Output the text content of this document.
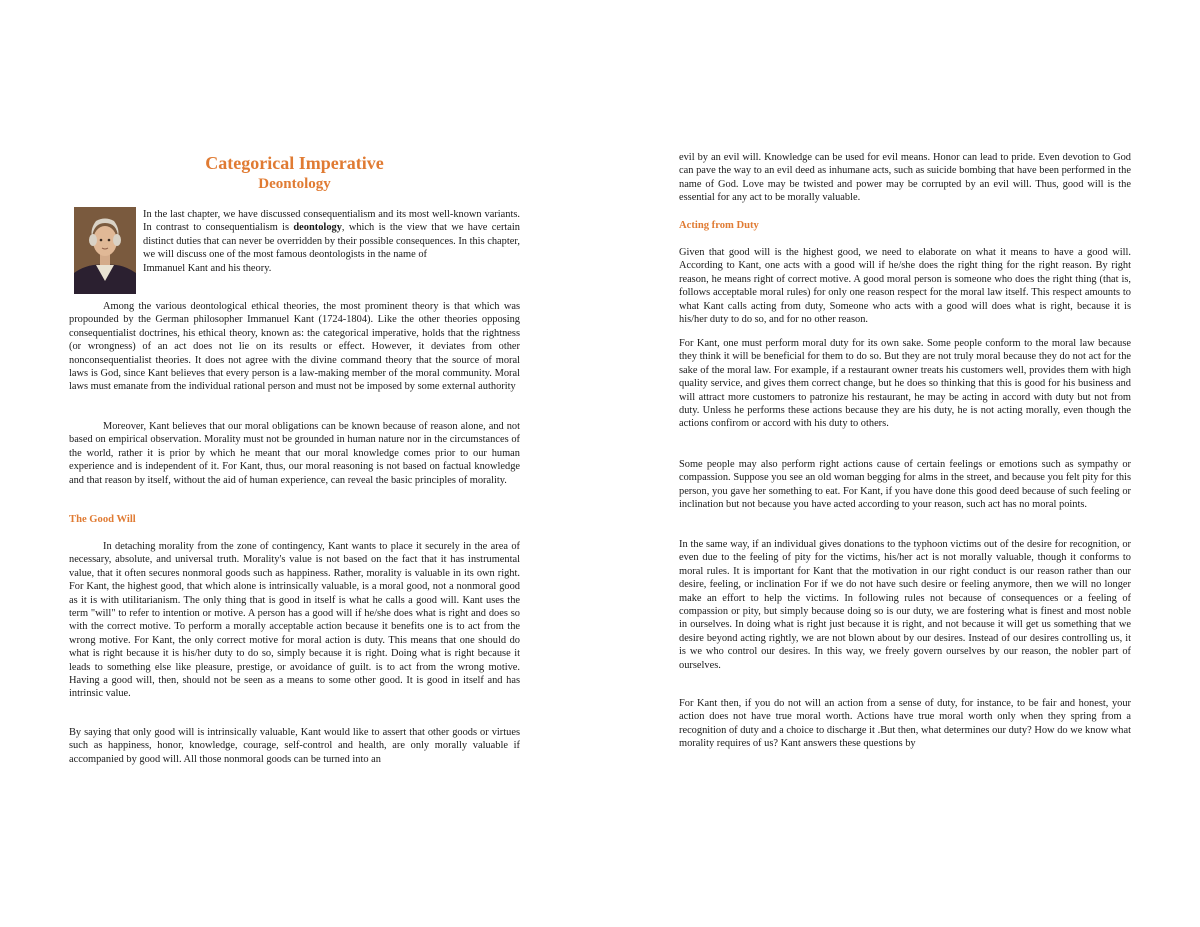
Categorical Imperative
Deontology

In the last chapter, we have discussed consequentialism and its most well-known variants. In contrast to consequentialism is deontology, which is the view that we have certain distinct duties that can never be overridden by their possible consequences. In this chapter, we will discuss one of the most famous deontologists in the name of
Immanuel Kant and his theory.

Among the various deontological ethical theories, the most prominent theory is that which was propounded by the German philosopher Immanuel Kant (1724-1804). Like the other theories opposing consequentialist doctrines, his ethical theory, known as: the categorical imperative, holds that the rightness (or wrongness) of an act does not lie on its results or effect. However, it deviates from other nonconsequentialist theories. It does not agree with the divine command theory that the source of moral laws is God, since Kant believes that every person is a law-making member of the moral community. Moral laws must emanate from the individual rational person and must not be imposed by some external authority

Moreover, Kant believes that our moral obligations can be known because of reason alone, and not based on empirical observation. Morality must not be grounded in human nature nor in the circumstances of the world, rather it is prior by which he meant that our moral knowledge comes prior to our human experience and is independent of it. For Kant, thus, our moral reasoning is not based on factual knowledge and that reason by itself, without the aid of human experience, can reveal the basic principles of morality.

The Good Will

In detaching morality from the zone of contingency, Kant wants to place it securely in the area of necessary, absolute, and universal truth. Morality's value is not based on the fact that it has instrumental value, that it often secures nonmoral goods such as happiness. Rather, morality is valuable in its own right. For Kant, the highest good, that which alone is intrinsically valuable, is a moral good, not a nonmoral good as it is with utilitarianism. The only thing that is good in itself is what he calls a good will. Kant uses the term "will" to refer to intention or motive. A person has a good will if he/she does what is right and does so with the correct motive. To perform a morally acceptable action because it benefits one is to act from the wrong motive. For Kant, the only correct motive for moral action is duty. This means that one should do what is right because it is his/her duty to do so, simply because it is right. Doing what is right because it leads to something else like pleasure, prestige, or avoidance of guilt. is to act from the wrong motive. Having a good will, then, should not be seen as a means to some other good. It is good in itself and has intrinsic value.

By saying that only good will is intrinsically valuable, Kant would like to assert that other goods or virtues such as happiness, honor, knowledge, courage, self-control and health, are only morally valuable if accompanied by good will. All those nonmoral goods can be turned into an

evil by an evil will. Knowledge can be used for evil means. Honor can lead to pride. Even devotion to God can pave the way to an evil deed as inhumane acts, such as suicide bombing that have been performed in the name of God. Love may be twisted and power may be corrupted by an evil will. Thus, good will is the essential for any act to be morally valuable.

Acting from Duty

Given that good will is the highest good, we need to elaborate on what it means to have a good will. According to Kant, one acts with a good will if he/she does the right thing for the right reason. By right reason, he means right of correct motive. A good moral person is someone who does the right thing (that is, follows acceptable moral rules) for only one reason respect for the moral law itself. This respect amounts to what Kant calls acting from duty, Someone who acts with a good will does what is right, because it is his/her duty to do so, and for no other reason.

For Kant, one must perform moral duty for its own sake. Some people conform to the moral law because they think it will be beneficial for them to do so. But they are not truly moral because they do not act for the sake of the moral law. For example, if a restaurant owner treats his customers well, provides them with high quality service, and gives them correct change, but he does so thinking that this is good for his business and will attract more customers to patronize his restaurant, he may be acting in accord with duty but not from duty. Unless he performs these actions because they are his duty, he is not acting morally, even though the actions confirom or accord with his duty to others.

Some people may also perform right actions cause of certain feelings or emotions such as sympathy or compassion. Suppose you see an old woman begging for alms in the street, and because you felt pity for this person, you gave her something to eat. For Kant, if you have done this good deed because of such feeling or inclination but not because you have acted according to your reason, such act has no moral points.

In the same way, if an individual gives donations to the typhoon victims out of the desire for recognition, or even due to the feeling of pity for the victims, his/her act is not morally valuable, though it conforms to moral rules. It is important for Kant that the motivation in our right conduct is our reason rather than our desire, feeling, or inclination For if we do not have such desire or feeling anymore, then we will no longer make an effort to help the victims. In following rules not because of consequences or a feeling of compassion or pity, but simply because doing so is our duty, we are fostering what is finest and most noble in ourselves. In doing what is right just because it is right, and not because it will get us something that we desire beyond acting rightly, we are not blown about by our desires. Instead of our desires controlling us, it is we who control our desires. In this way, we freely govern ourselves by our reason, the nobler part of ourselves.

For Kant then, if you do not will an action from a sense of duty, for instance, to be fair and honest, your action does not have true moral worth. Actions have true moral worth only when they spring from a recognition of duty and a choice to discharge it .But then, what determines our duty? How do we know what morality requires of us? Kant answers these questions by
